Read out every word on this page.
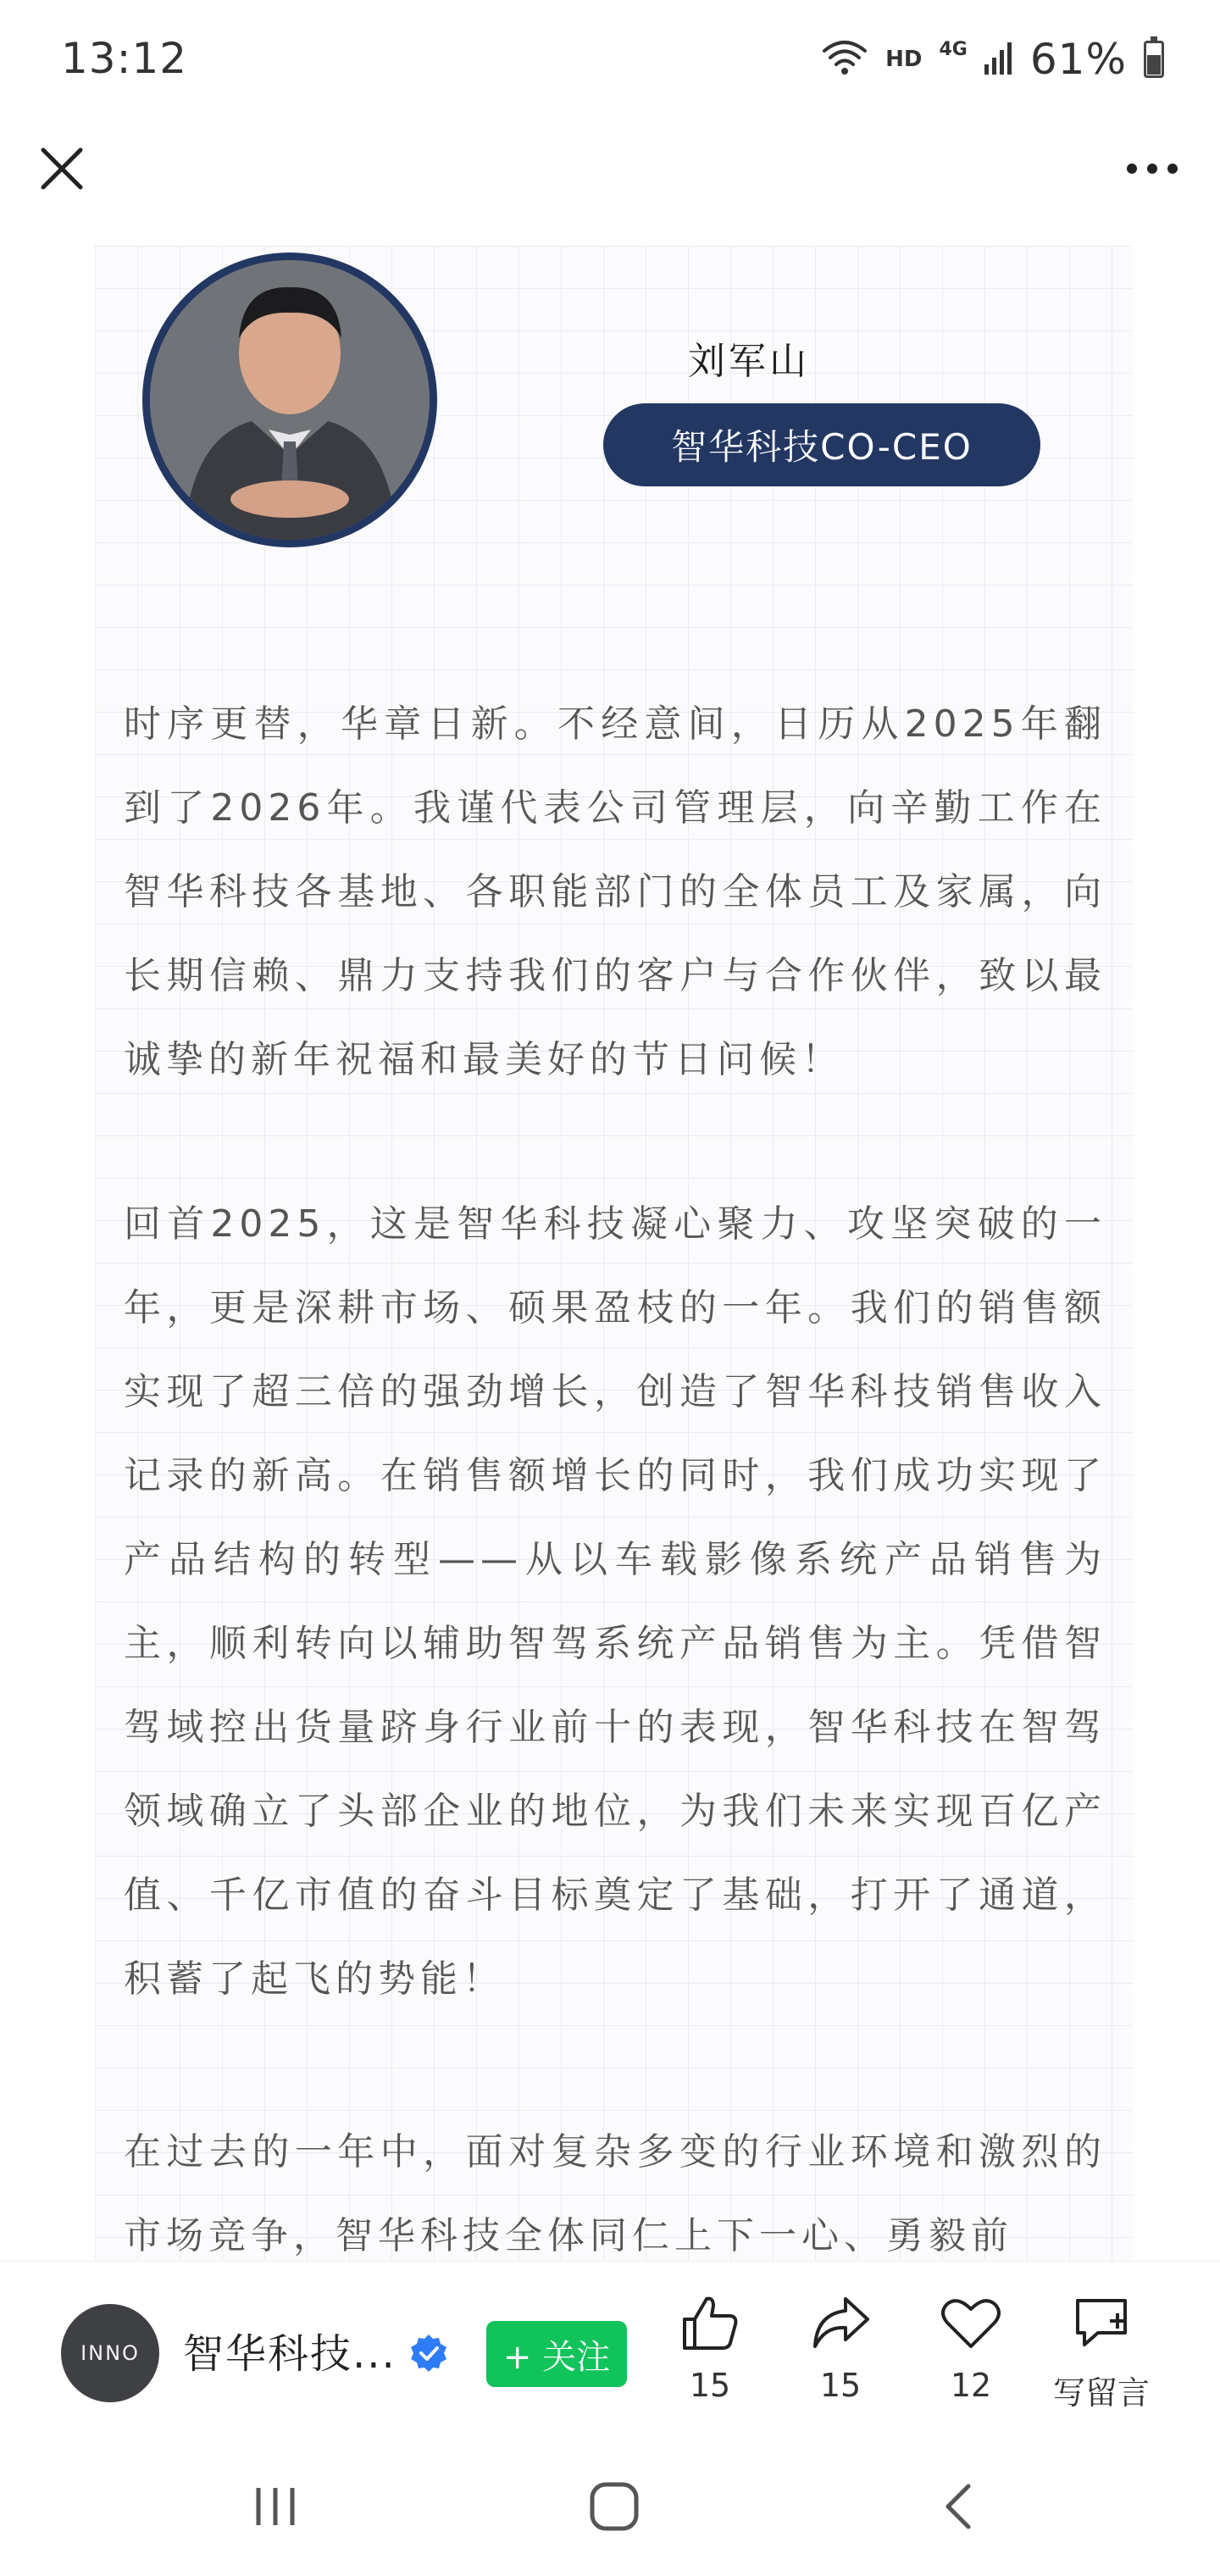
13:12	HD 4G 61%
刘军山
智华科技CO-CEO

时序更替，华章日新。不经意间，日历从2025年翻到了2026年。我谨代表公司管理层，向辛勤工作在智华科技各基地、各职能部门的全体员工及家属，向长期信赖、鼎力支持我们的客户与合作伙伴，致以最诚挚的新年祝福和最美好的节日问候！

回首2025，这是智华科技凝心聚力、攻坚突破的一年，更是深耕市场、硕果盈枝的一年。我们的销售额实现了超三倍的强劲增长，创造了智华科技销售收入记录的新高。在销售额增长的同时，我们成功实现了产品结构的转型——从以车载影像系统产品销售为主，顺利转向以辅助智驾系统产品销售为主。凭借智驾域控出货量跻身行业前十的表现，智华科技在智驾领域确立了头部企业的地位，为我们未来实现百亿产值、千亿市值的奋斗目标奠定了基础，打开了通道，积蓄了起飞的势能！

在过去的一年中，面对复杂多变的行业环境和激烈的市场竞争，智华科技全体同仁上下一心、勇毅前

INNO	智华科技...	+ 关注
15	15	12 写留言
